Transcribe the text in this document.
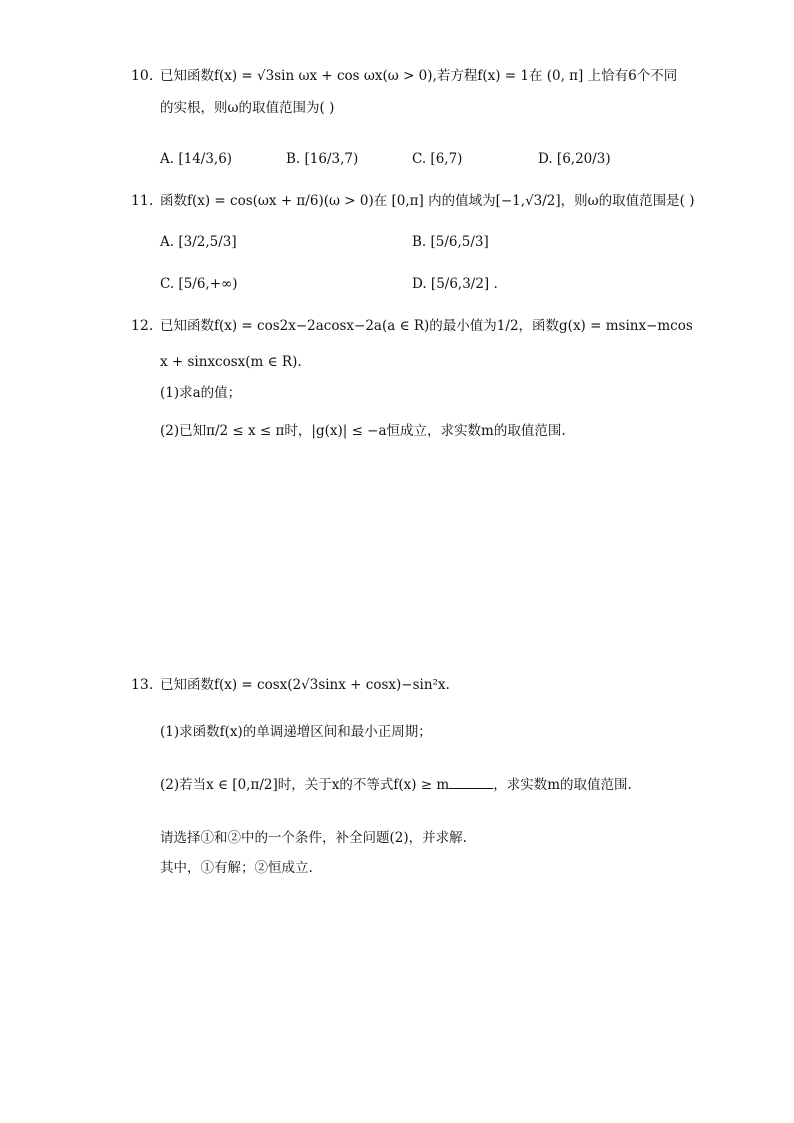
10. 已知函数f(x) = √3sin ωx + cos ωx(ω > 0),若方程f(x) = 1在 (0, π] 上恰有6个不同
的实根，则ω的取值范围为( )
A. [14/3,6)	B. [16/3,7)	C. [6,7)	D. [6,20/3)
11. 函数f(x) = cos(ωx + π/6)(ω > 0)在 [0,π] 内的值域为[−1,√3/2]，则ω的取值范围是( )
A. [3/2,5/3]	B. [5/6,5/3]
C. [5/6,+∞)	D. [5/6,3/2] .
12. 已知函数f(x) = cos2x−2acosx−2a(a ∈ R)的最小值为1/2，函数g(x) = msinx−mcos
x + sinxcosx(m ∈ R).
(1)求a的值；
(2)已知π/2 ≤ x ≤ π时，|g(x)| ≤ −a恒成立，求实数m的取值范围.
13. 已知函数f(x) = cosx(2√3sinx + cosx)−sin²x.
(1)求函数f(x)的单调递增区间和最小正周期；
(2)若当x ∈ [0,π/2]时，关于x的不等式f(x) ≥ m	，求实数m的取值范围.
请选择①和②中的一个条件，补全问题(2)，并求解.
其中，①有解；②恒成立.
